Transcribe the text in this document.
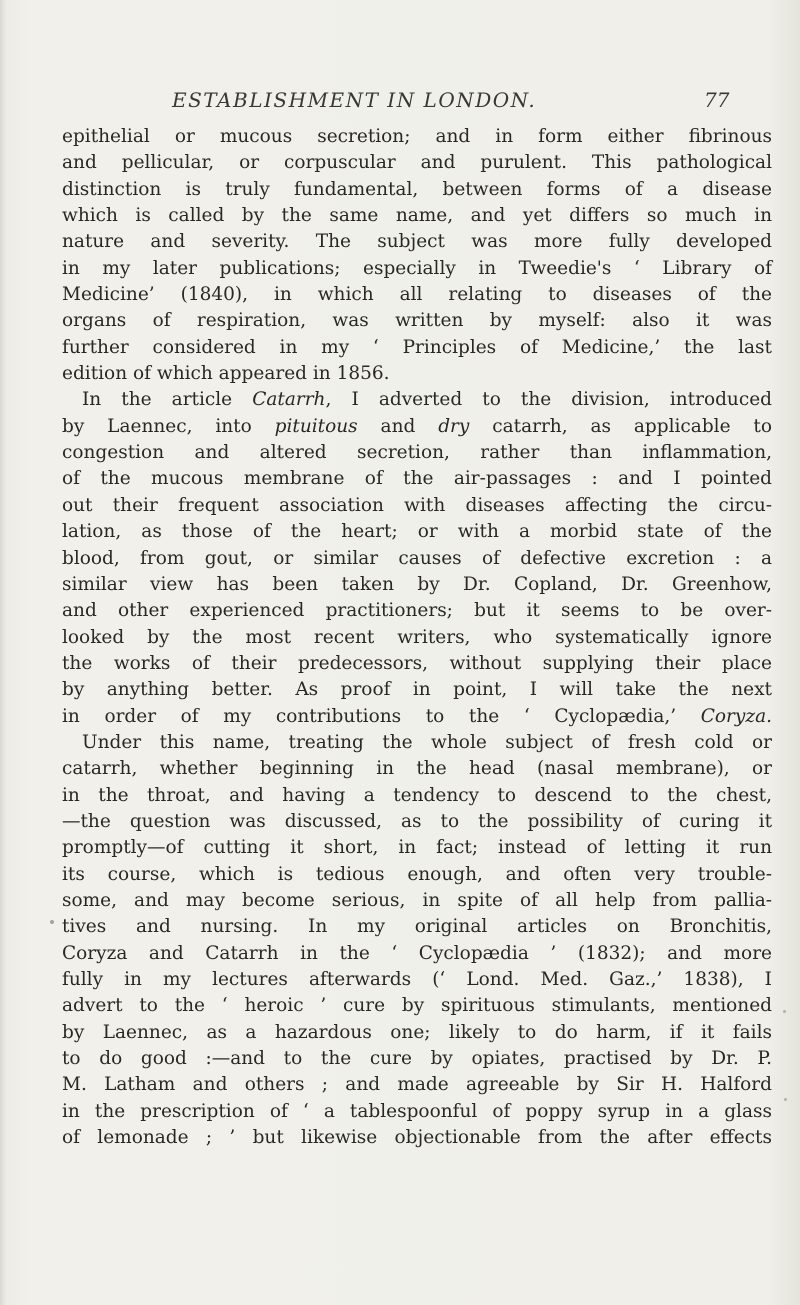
ESTABLISHMENT IN LONDON.	77
epithelial or mucous secretion; and in form either fibrinous
and pellicular, or corpuscular and purulent. This pathological
distinction is truly fundamental, between forms of a disease
which is called by the same name, and yet differs so much in
nature and severity. The subject was more fully developed
in my later publications; especially in Tweedie's ‘ Library of
Medicine’ (1840), in which all relating to diseases of the
organs of respiration, was written by myself: also it was
further considered in my ‘ Principles of Medicine,’ the last
edition of which appeared in 1856.
In the article Catarrh, I adverted to the division, introduced
by Laennec, into pituitous and dry catarrh, as applicable to
congestion and altered secretion, rather than inflammation,
of the mucous membrane of the air-passages : and I pointed
out their frequent association with diseases affecting the circu-
lation, as those of the heart; or with a morbid state of the
blood, from gout, or similar causes of defective excretion : a
similar view has been taken by Dr. Copland, Dr. Greenhow,
and other experienced practitioners; but it seems to be over-
looked by the most recent writers, who systematically ignore
the works of their predecessors, without supplying their place
by anything better. As proof in point, I will take the next
in order of my contributions to the ‘ Cyclopædia,’ Coryza.
Under this name, treating the whole subject of fresh cold or
catarrh, whether beginning in the head (nasal membrane), or
in the throat, and having a tendency to descend to the chest,
—the question was discussed, as to the possibility of curing it
promptly—of cutting it short, in fact; instead of letting it run
its course, which is tedious enough, and often very trouble-
some, and may become serious, in spite of all help from pallia-
tives and nursing. In my original articles on Bronchitis,
Coryza and Catarrh in the ‘ Cyclopædia ’ (1832); and more
fully in my lectures afterwards (‘ Lond. Med. Gaz.,’ 1838), I
advert to the ‘ heroic ’ cure by spirituous stimulants, mentioned
by Laennec, as a hazardous one; likely to do harm, if it fails
to do good :—and to the cure by opiates, practised by Dr. P.
M. Latham and others ; and made agreeable by Sir H. Halford
in the prescription of ‘ a tablespoonful of poppy syrup in a glass
of lemonade ; ’ but likewise objectionable from the after effects
